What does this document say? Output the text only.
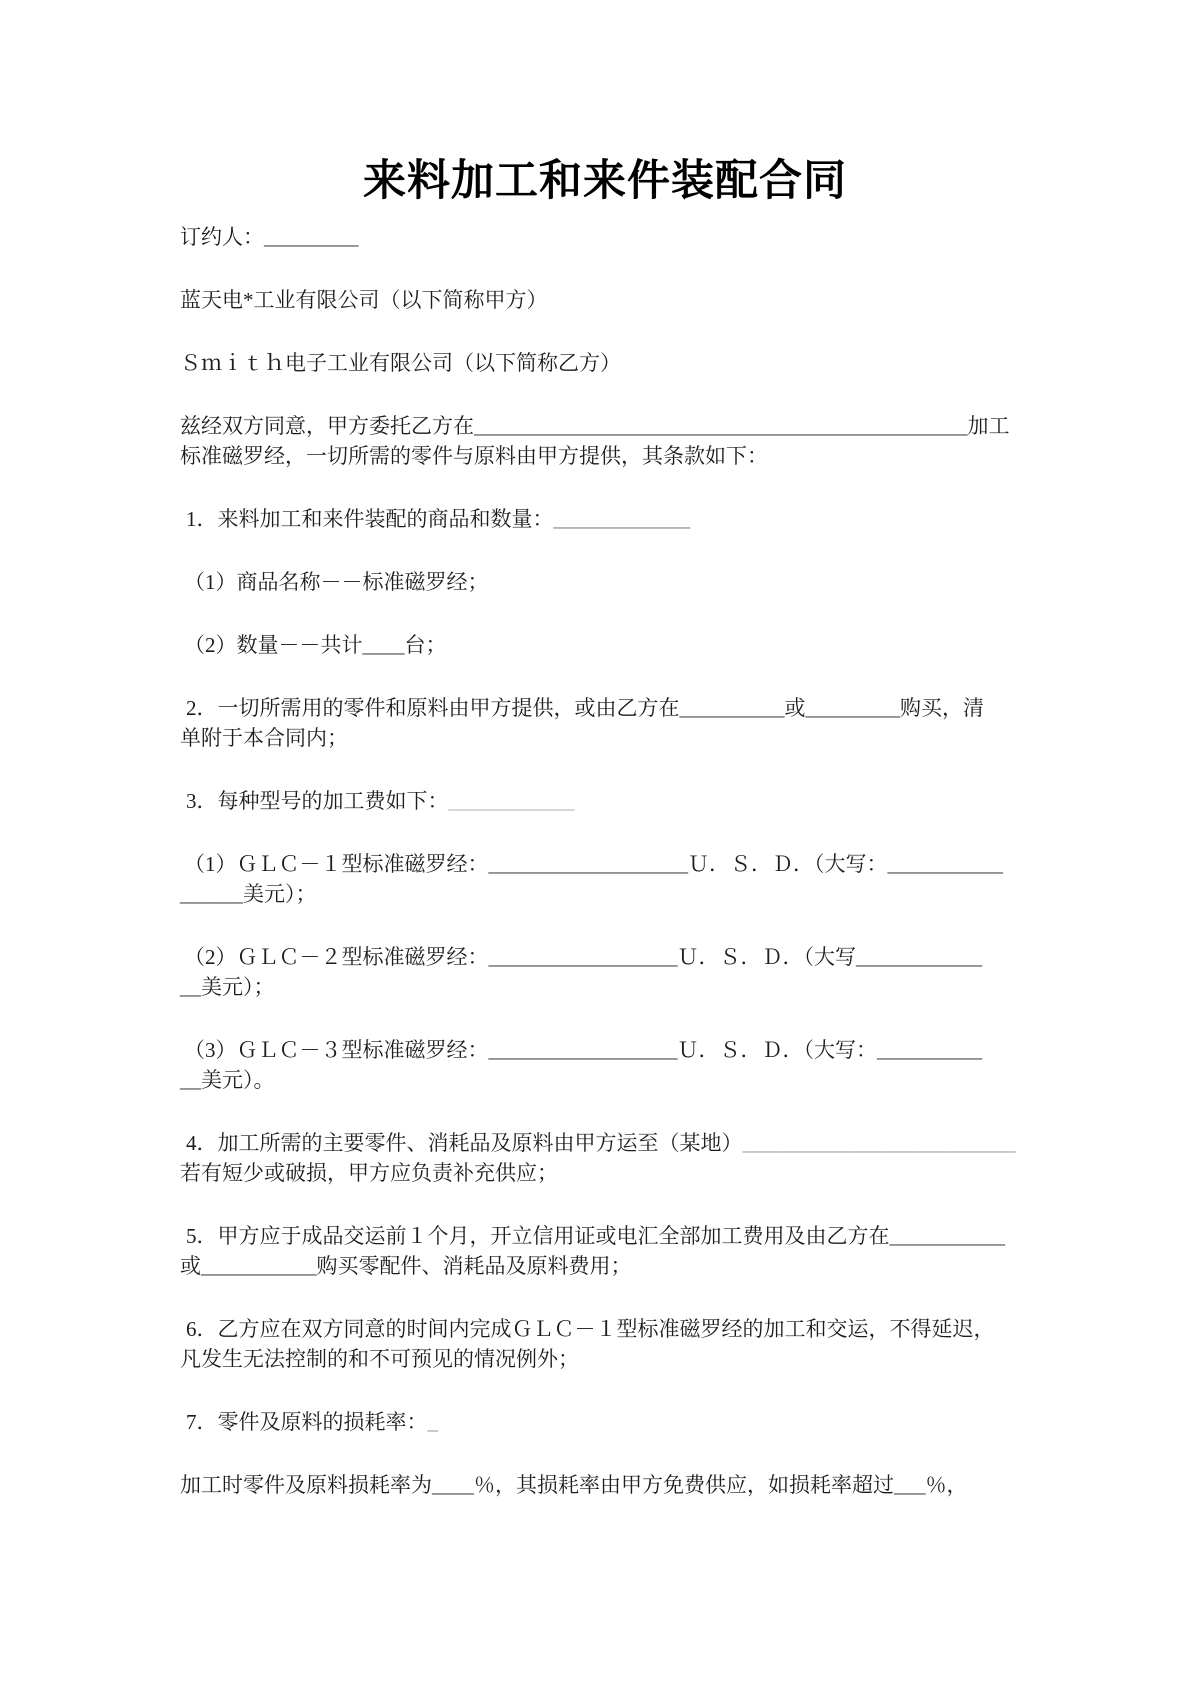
来料加工和来件装配合同

订约人：_________

蓝天电*工业有限公司（以下简称甲方）

Ｓｍｉｔｈ电子工业有限公司（以下简称乙方）

兹经双方同意，甲方委托乙方在_______________________________________________加工
标准磁罗经，一切所需的零件与原料由甲方提供，其条款如下：

1．来料加工和来件装配的商品和数量：_____________

（1）商品名称－－标准磁罗经；

（2）数量－－共计____台；

2．一切所需用的零件和原料由甲方提供，或由乙方在__________或_________购买，清
单附于本合同内；

3．每种型号的加工费如下：____________

（1）ＧＬＣ－１型标准磁罗经：___________________Ｕ．Ｓ．Ｄ．（大写：___________
______美元）；

（2）ＧＬＣ－２型标准磁罗经：__________________Ｕ．Ｓ．Ｄ．（大写____________
__美元）；

（3）ＧＬＣ－３型标准磁罗经：__________________Ｕ．Ｓ．Ｄ．（大写：__________
__美元）。

4．加工所需的主要零件、消耗品及原料由甲方运至（某地）__________________________
若有短少或破损，甲方应负责补充供应；

5．甲方应于成品交运前１个月，开立信用证或电汇全部加工费用及由乙方在___________
或___________购买零配件、消耗品及原料费用；

6．乙方应在双方同意的时间内完成ＧＬＣ－１型标准磁罗经的加工和交运，不得延迟，
凡发生无法控制的和不可预见的情况例外；

7．零件及原料的损耗率：_

加工时零件及原料损耗率为____％，其损耗率由甲方免费供应，如损耗率超过___％，
